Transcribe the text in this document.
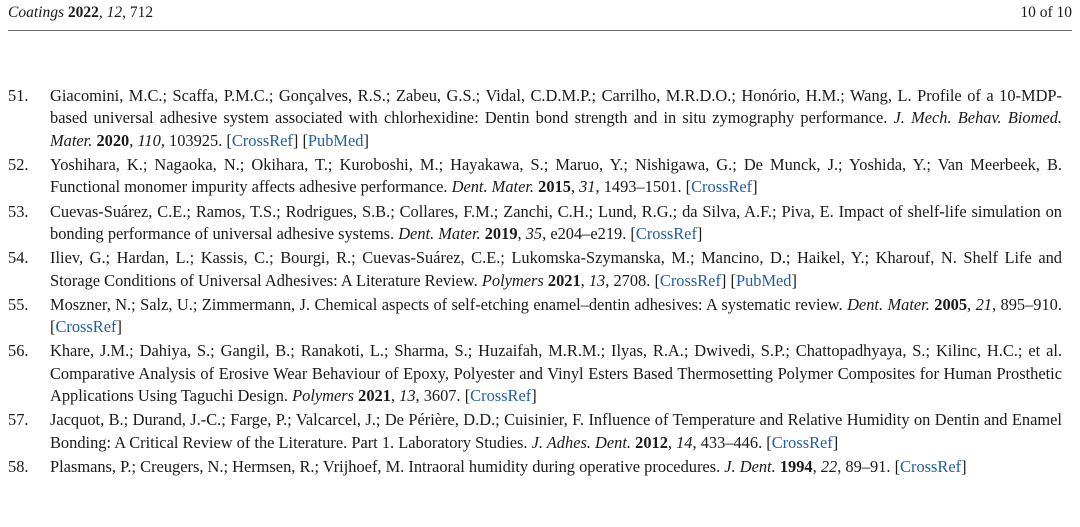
Coatings 2022, 12, 712	10 of 10
51. Giacomini, M.C.; Scaffa, P.M.C.; Gonçalves, R.S.; Zabeu, G.S.; Vidal, C.D.M.P.; Carrilho, M.R.D.O.; Honório, H.M.; Wang, L. Profile of a 10-MDP-based universal adhesive system associated with chlorhexidine: Dentin bond strength and in situ zymography performance. J. Mech. Behav. Biomed. Mater. 2020, 110, 103925. [CrossRef] [PubMed]
52. Yoshihara, K.; Nagaoka, N.; Okihara, T.; Kuroboshi, M.; Hayakawa, S.; Maruo, Y.; Nishigawa, G.; De Munck, J.; Yoshida, Y.; Van Meerbeek, B. Functional monomer impurity affects adhesive performance. Dent. Mater. 2015, 31, 1493–1501. [CrossRef]
53. Cuevas-Suárez, C.E.; Ramos, T.S.; Rodrigues, S.B.; Collares, F.M.; Zanchi, C.H.; Lund, R.G.; da Silva, A.F.; Piva, E. Impact of shelf-life simulation on bonding performance of universal adhesive systems. Dent. Mater. 2019, 35, e204–e219. [CrossRef]
54. Iliev, G.; Hardan, L.; Kassis, C.; Bourgi, R.; Cuevas-Suárez, C.E.; Lukomska-Szymanska, M.; Mancino, D.; Haikel, Y.; Kharouf, N. Shelf Life and Storage Conditions of Universal Adhesives: A Literature Review. Polymers 2021, 13, 2708. [CrossRef] [PubMed]
55. Moszner, N.; Salz, U.; Zimmermann, J. Chemical aspects of self-etching enamel–dentin adhesives: A systematic review. Dent. Mater. 2005, 21, 895–910. [CrossRef]
56. Khare, J.M.; Dahiya, S.; Gangil, B.; Ranakoti, L.; Sharma, S.; Huzaifah, M.R.M.; Ilyas, R.A.; Dwivedi, S.P.; Chattopadhyaya, S.; Kilinc, H.C.; et al. Comparative Analysis of Erosive Wear Behaviour of Epoxy, Polyester and Vinyl Esters Based Thermosetting Polymer Composites for Human Prosthetic Applications Using Taguchi Design. Polymers 2021, 13, 3607. [CrossRef]
57. Jacquot, B.; Durand, J.-C.; Farge, P.; Valcarcel, J.; De Périère, D.D.; Cuisinier, F. Influence of Temperature and Relative Humidity on Dentin and Enamel Bonding: A Critical Review of the Literature. Part 1. Laboratory Studies. J. Adhes. Dent. 2012, 14, 433–446. [CrossRef]
58. Plasmans, P.; Creugers, N.; Hermsen, R.; Vrijhoef, M. Intraoral humidity during operative procedures. J. Dent. 1994, 22, 89–91. [CrossRef]
